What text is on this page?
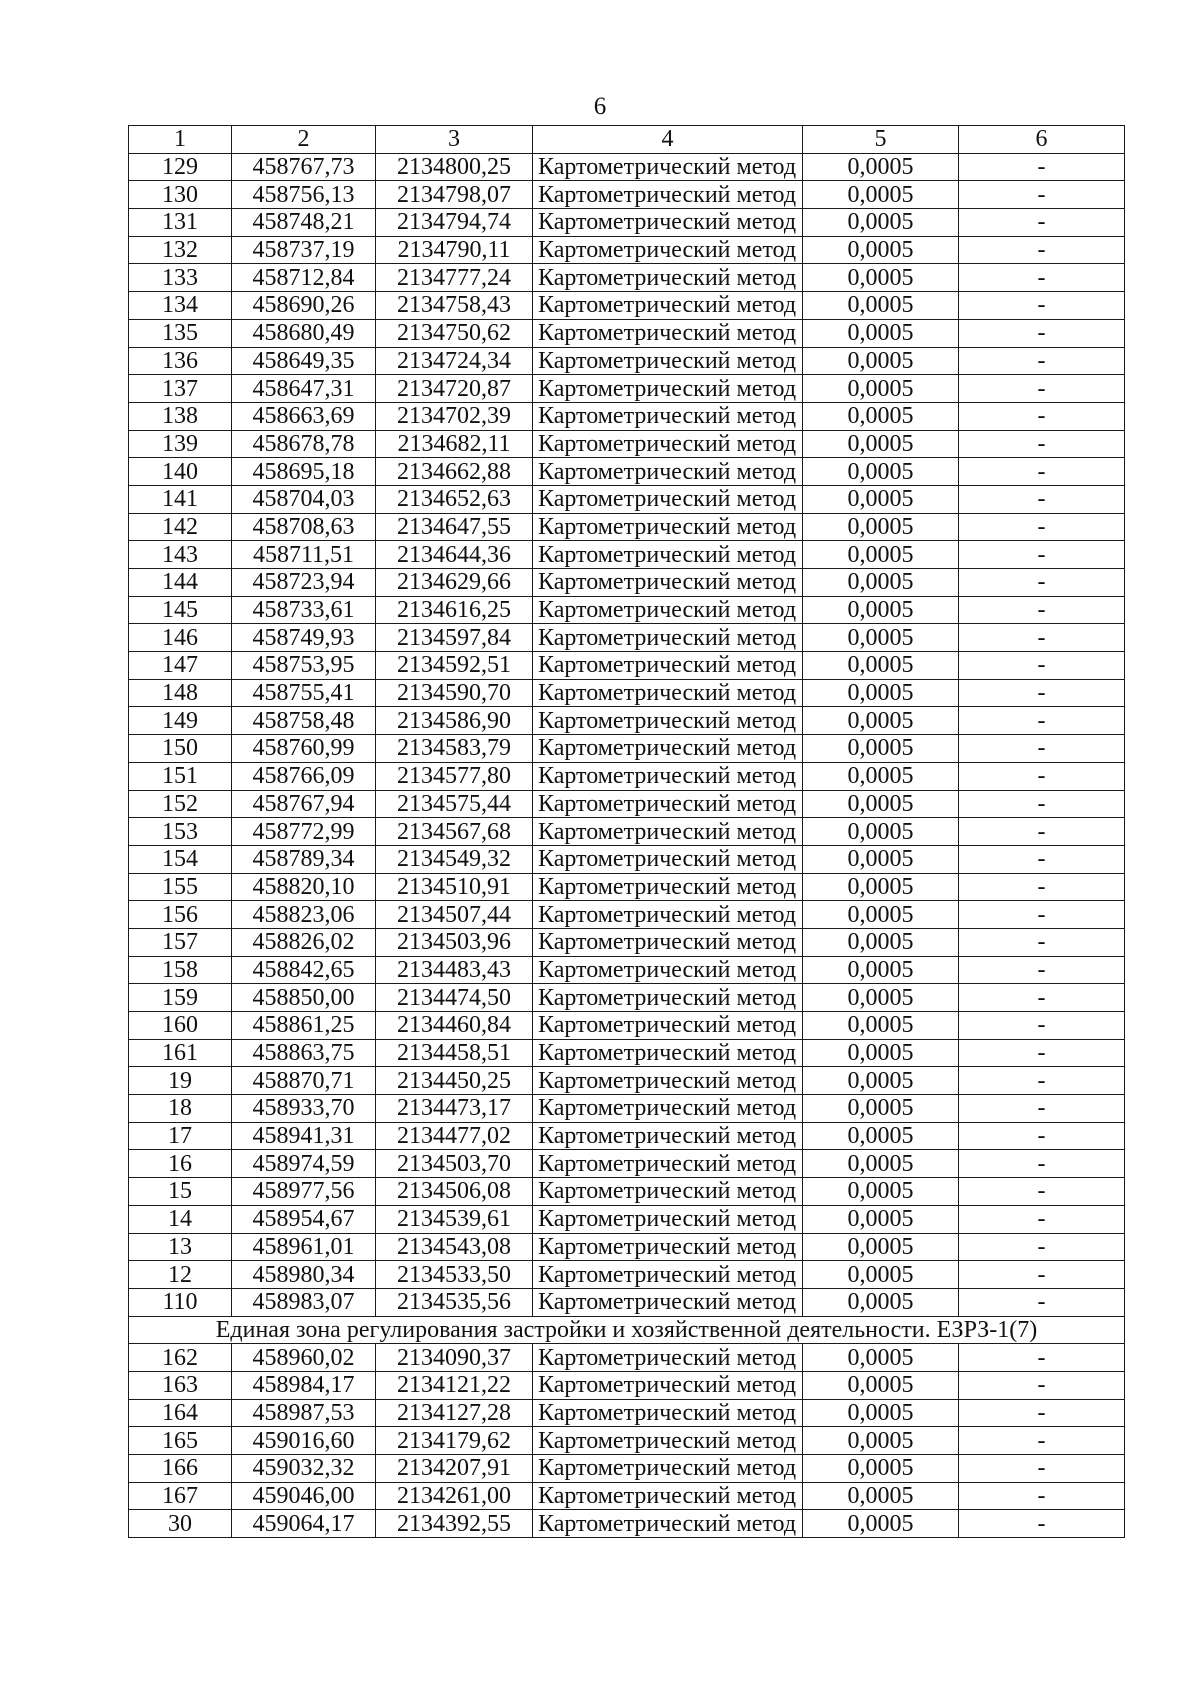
6
1	2	3	4	5	6
129	458767,73	2134800,25	Картометрический метод	0,0005	-
130	458756,13	2134798,07	Картометрический метод	0,0005	-
131	458748,21	2134794,74	Картометрический метод	0,0005	-
132	458737,19	2134790,11	Картометрический метод	0,0005	-
133	458712,84	2134777,24	Картометрический метод	0,0005	-
134	458690,26	2134758,43	Картометрический метод	0,0005	-
135	458680,49	2134750,62	Картометрический метод	0,0005	-
136	458649,35	2134724,34	Картометрический метод	0,0005	-
137	458647,31	2134720,87	Картометрический метод	0,0005	-
138	458663,69	2134702,39	Картометрический метод	0,0005	-
139	458678,78	2134682,11	Картометрический метод	0,0005	-
140	458695,18	2134662,88	Картометрический метод	0,0005	-
141	458704,03	2134652,63	Картометрический метод	0,0005	-
142	458708,63	2134647,55	Картометрический метод	0,0005	-
143	458711,51	2134644,36	Картометрический метод	0,0005	-
144	458723,94	2134629,66	Картометрический метод	0,0005	-
145	458733,61	2134616,25	Картометрический метод	0,0005	-
146	458749,93	2134597,84	Картометрический метод	0,0005	-
147	458753,95	2134592,51	Картометрический метод	0,0005	-
148	458755,41	2134590,70	Картометрический метод	0,0005	-
149	458758,48	2134586,90	Картометрический метод	0,0005	-
150	458760,99	2134583,79	Картометрический метод	0,0005	-
151	458766,09	2134577,80	Картометрический метод	0,0005	-
152	458767,94	2134575,44	Картометрический метод	0,0005	-
153	458772,99	2134567,68	Картометрический метод	0,0005	-
154	458789,34	2134549,32	Картометрический метод	0,0005	-
155	458820,10	2134510,91	Картометрический метод	0,0005	-
156	458823,06	2134507,44	Картометрический метод	0,0005	-
157	458826,02	2134503,96	Картометрический метод	0,0005	-
158	458842,65	2134483,43	Картометрический метод	0,0005	-
159	458850,00	2134474,50	Картометрический метод	0,0005	-
160	458861,25	2134460,84	Картометрический метод	0,0005	-
161	458863,75	2134458,51	Картометрический метод	0,0005	-
19	458870,71	2134450,25	Картометрический метод	0,0005	-
18	458933,70	2134473,17	Картометрический метод	0,0005	-
17	458941,31	2134477,02	Картометрический метод	0,0005	-
16	458974,59	2134503,70	Картометрический метод	0,0005	-
15	458977,56	2134506,08	Картометрический метод	0,0005	-
14	458954,67	2134539,61	Картометрический метод	0,0005	-
13	458961,01	2134543,08	Картометрический метод	0,0005	-
12	458980,34	2134533,50	Картометрический метод	0,0005	-
110	458983,07	2134535,56	Картометрический метод	0,0005	-
Единая зона регулирования застройки и хозяйственной деятельности. ЕЗРЗ-1(7)					
162	458960,02	2134090,37	Картометрический метод	0,0005	-
163	458984,17	2134121,22	Картометрический метод	0,0005	-
164	458987,53	2134127,28	Картометрический метод	0,0005	-
165	459016,60	2134179,62	Картометрический метод	0,0005	-
166	459032,32	2134207,91	Картометрический метод	0,0005	-
167	459046,00	2134261,00	Картометрический метод	0,0005	-
30	459064,17	2134392,55	Картометрический метод	0,0005	-
